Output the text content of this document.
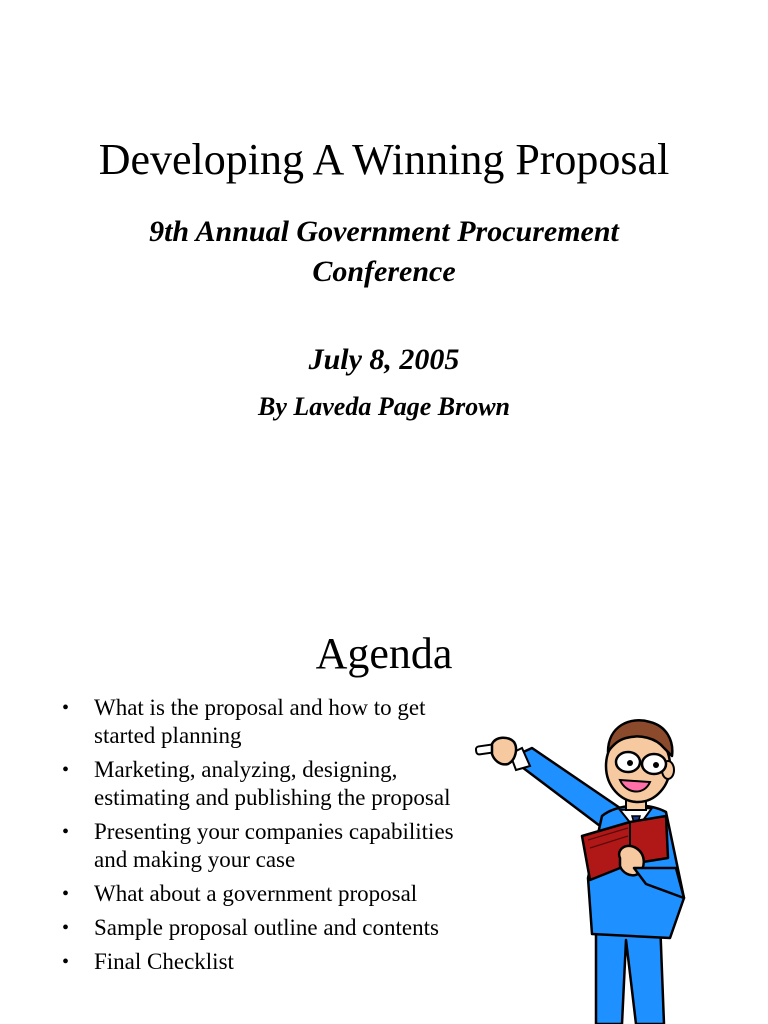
Developing A Winning Proposal

9th Annual Government Procurement Conference

July 8, 2005

By Laveda Page Brown

Agenda
• What is the proposal and how to get started planning
• Marketing, analyzing, designing, estimating and publishing the proposal
• Presenting your companies capabilities and making your case
• What about a government proposal
• Sample proposal outline and contents
• Final Checklist
